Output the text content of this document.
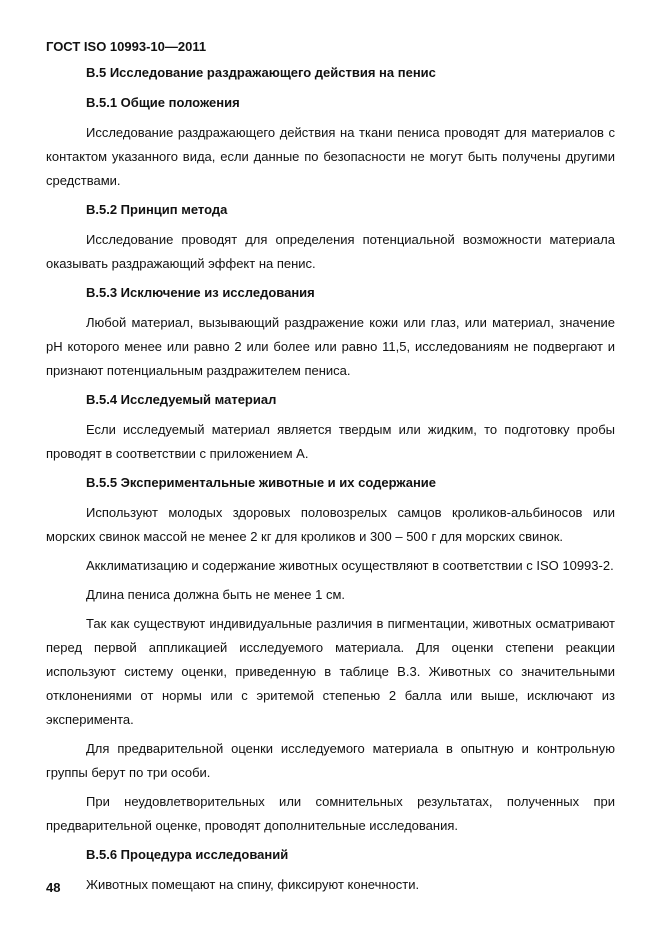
ГОСТ ISO 10993-10—2011

B.5 Исследование раздражающего действия на пенис

B.5.1 Общие положения

Исследование раздражающего действия на ткани пениса проводят для материалов с контактом указанного вида, если данные по безопасности не могут быть получены другими средствами.

B.5.2 Принцип метода

Исследование проводят для определения потенциальной возможности материала оказывать раздражающий эффект на пенис.

B.5.3 Исключение из исследования

Любой материал, вызывающий раздражение кожи или глаз, или материал, значение pH которого менее или равно 2 или более или равно 11,5, исследованиям не подвергают и признают потенциальным раздражителем пениса.

B.5.4 Исследуемый материал

Если исследуемый материал является твердым или жидким, то подготовку пробы проводят в соответствии с приложением А.

B.5.5 Экспериментальные животные и их содержание

Используют молодых здоровых половозрелых самцов кроликов-альбиносов или морских свинок массой не менее 2 кг для кроликов и 300 – 500 г для морских свинок.

Акклиматизацию и содержание животных осуществляют в соответствии с ISO 10993-2.

Длина пениса должна быть не менее 1 см.

Так как существуют индивидуальные различия в пигментации, животных осматривают перед первой аппликацией исследуемого материала. Для оценки степени реакции используют систему оценки, приведенную в таблице B.3. Животных со значительными отклонениями от нормы или с эритемой степенью 2 балла или выше, исключают из эксперимента.

Для предварительной оценки исследуемого материала в опытную и контрольную группы берут по три особи.

При неудовлетворительных или сомнительных результатах, полученных при предварительной оценке, проводят дополнительные исследования.

B.5.6 Процедура исследований

Животных помещают на спину, фиксируют конечности.

48
